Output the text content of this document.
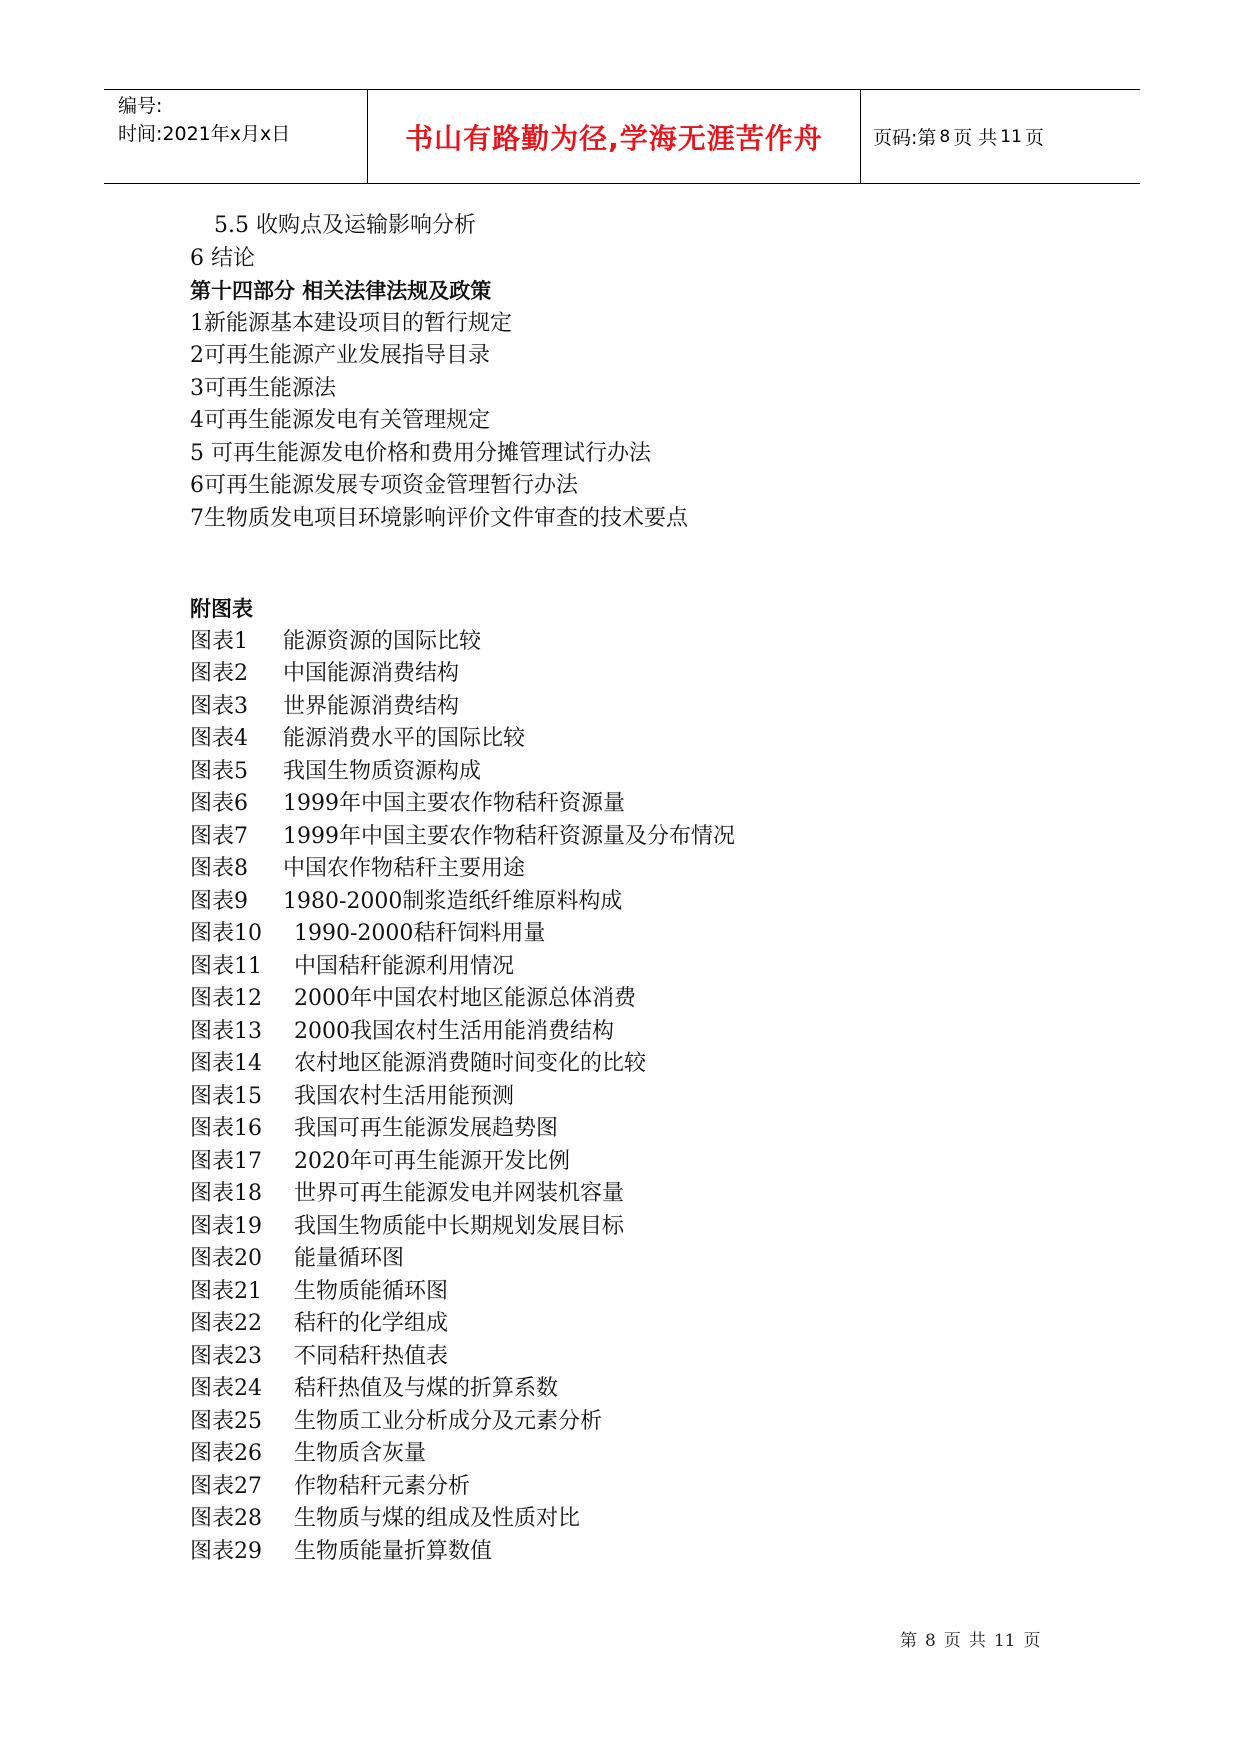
编号:
时间:2021年x月x日	书山有路勤为径,学海无涯苦作舟	页码:第 8 页 共 11 页
5.5 收购点及运输影响分析
6 结论
第十四部分 相关法律法规及政策
1新能源基本建设项目的暂行规定
2可再生能源产业发展指导目录
3可再生能源法
4可再生能源发电有关管理规定
5 可再生能源发电价格和费用分摊管理试行办法
6可再生能源发展专项资金管理暂行办法
7生物质发电项目环境影响评价文件审查的技术要点
附图表
图表1	能源资源的国际比较
图表2	中国能源消费结构
图表3	世界能源消费结构
图表4	能源消费水平的国际比较
图表5	我国生物质资源构成
图表6	1999年中国主要农作物秸秆资源量
图表7	1999年中国主要农作物秸秆资源量及分布情况
图表8	中国农作物秸秆主要用途
图表9	1980-2000制浆造纸纤维原料构成
图表10	1990-2000秸秆饲料用量
图表11	中国秸秆能源利用情况
图表12	2000年中国农村地区能源总体消费
图表13	2000我国农村生活用能消费结构
图表14	农村地区能源消费随时间变化的比较
图表15	我国农村生活用能预测
图表16	我国可再生能源发展趋势图
图表17	2020年可再生能源开发比例
图表18	世界可再生能源发电并网装机容量
图表19	我国生物质能中长期规划发展目标
图表20	能量循环图
图表21	生物质能循环图
图表22	秸秆的化学组成
图表23	不同秸秆热值表
图表24	秸秆热值及与煤的折算系数
图表25	生物质工业分析成分及元素分析
图表26	生物质含灰量
图表27	作物秸秆元素分析
图表28	生物质与煤的组成及性质对比
图表29	生物质能量折算数值
第 8 页 共 11 页
